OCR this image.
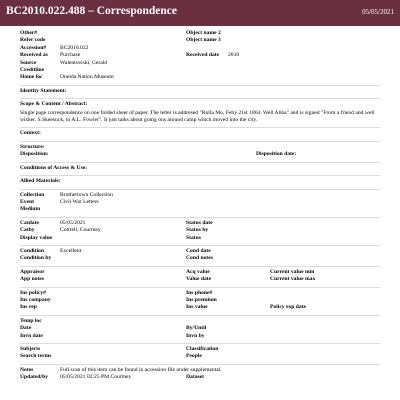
BC2010.022.488 – Correspondence	05/05/2021
Other#	Object name 2
Refer code	Object name 3
Accession#	BC2010.022
Received as	Purchase	Received date	2010
Source	Walentowski, Gerald
Creditline
Home loc	Oneida Nation Museum
Identity Statement:
Scope & Content / Abstract:
Single page correspondence on one folded sheet of paper. The letter is addresed "Rolla Mo, Feby 21st 1864. Well Abba" and is signed "From a friend and well wisher, S.Skeesuck, to A.L. Fowler". It just talks about going ons around camp which moved into the city.
Context:
Structure:
Disposition:	Disposition date:
Conditions of Access & Use:
Allied Materials:
Collection	Brothertown Collection
Event	Civil War Letters
Medium
Catdate	05/05/2021	Status date
Catby	Cottrell, Courtney	Status by
Display value	Status
Condition	Excellent	Cond date
Condition by	Cond notes
Appraisor	Acq value	Current value min
App notes	Value date	Current value max
Ins policy#	Ins phone#
Ins company	Ins premium
Ins rep	Ins value	Policy exp date
Temp loc
Date	By/Until
Invn date	Invn by
Subjects	Classification
Search terms	People
Notes	Full scan of this item can be found in accession file under supplemental.
Updated/by	05/05/2021 02:25 PM Courtney	Dataset
